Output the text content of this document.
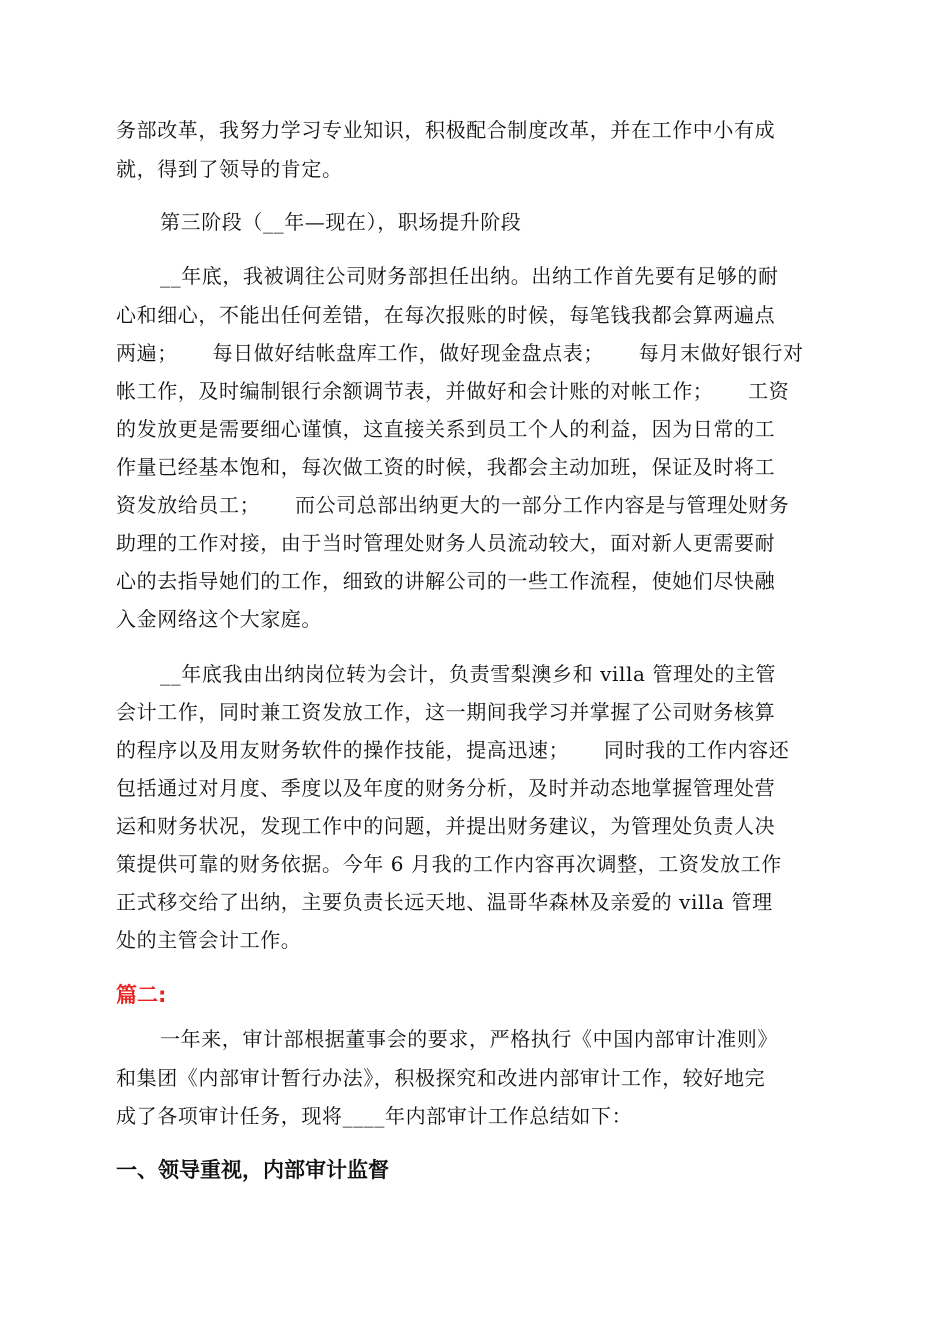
务部改革，我努力学习专业知识，积极配合制度改革，并在工作中小有成
就，得到了领导的肯定。
第三阶段（__年—现在），职场提升阶段
__年底，我被调往公司财务部担任出纳。出纳工作首先要有足够的耐
心和细心，不能出任何差错，在每次报账的时候，每笔钱我都会算两遍点
两遍；     每日做好结帐盘库工作，做好现金盘点表；     每月末做好银行对
帐工作，及时编制银行余额调节表，并做好和会计账的对帐工作；     工资
的发放更是需要细心谨慎，这直接关系到员工个人的利益，因为日常的工
作量已经基本饱和，每次做工资的时候，我都会主动加班，保证及时将工
资发放给员工；     而公司总部出纳更大的一部分工作内容是与管理处财务
助理的工作对接，由于当时管理处财务人员流动较大，面对新人更需要耐
心的去指导她们的工作，细致的讲解公司的一些工作流程，使她们尽快融
入金网络这个大家庭。
__年底我由出纳岗位转为会计，负责雪梨澳乡和 villa 管理处的主管
会计工作，同时兼工资发放工作，这一期间我学习并掌握了公司财务核算
的程序以及用友财务软件的操作技能，提高迅速；     同时我的工作内容还
包括通过对月度、季度以及年度的财务分析，及时并动态地掌握管理处营
运和财务状况，发现工作中的问题，并提出财务建议，为管理处负责人决
策提供可靠的财务依据。今年 6 月我的工作内容再次调整，工资发放工作
正式移交给了出纳，主要负责长远天地、温哥华森林及亲爱的 villa 管理
处的主管会计工作。
篇二:
一年来，审计部根据董事会的要求，严格执行《中国内部审计准则》
和集团《内部审计暂行办法》，积极探究和改进内部审计工作，较好地完
成了各项审计任务，现将____年内部审计工作总结如下：
一、领导重视，内部审计监督
